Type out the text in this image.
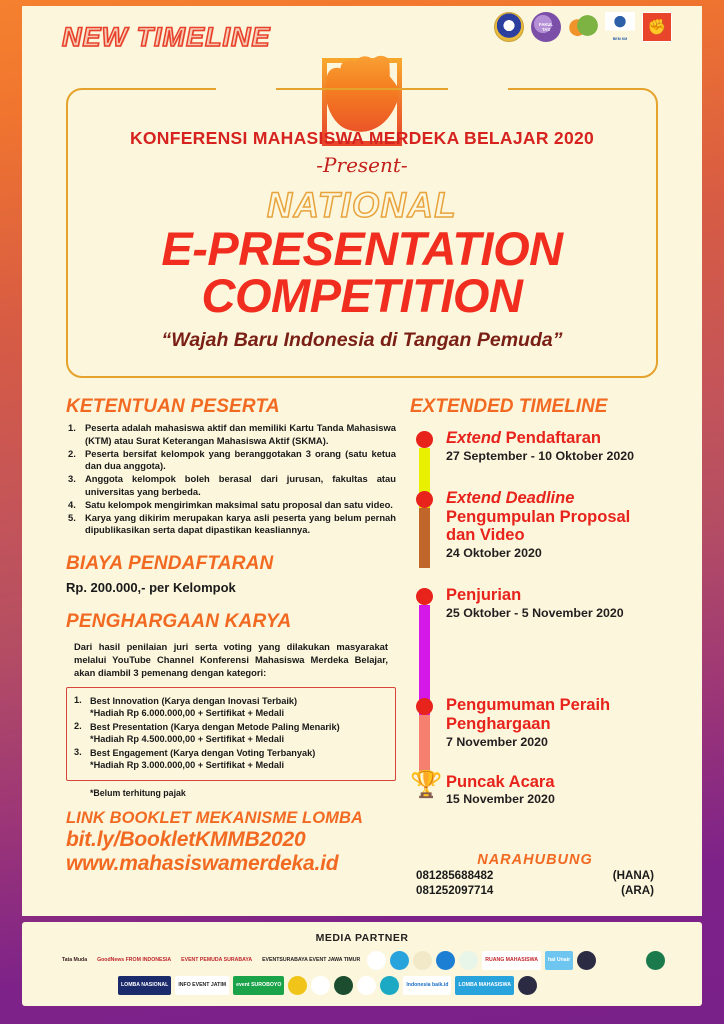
MEDIA PARTNER
Tata Muda	GoodNews FROM INDONESIA	EVENT PEMUDA SURABAYA	EVENTSURABAYA EVENT JAWA TIMUR	RUANG MAHASISWA	hai Unair
LOMBA NASIONAL	INFO EVENT JATIM	event SUROBOYO	Indonesia baik.id	LOMBA MAHASISWA
NEW TIMELINE
FAKUL TAS
BEM KM
✊
✊
KONFERENSI MAHASISWA MERDEKA BELAJAR 2020
-Present-
NATIONAL
E-PRESENTATION
COMPETITION
“Wajah Baru Indonesia di Tangan Pemuda”
KETENTUAN PESERTA
Peserta adalah mahasiswa aktif dan memiliki Kartu Tanda Mahasiswa (KTM) atau Surat Keterangan Mahasiswa Aktif (SKMA).
Peserta bersifat kelompok yang beranggotakan 3 orang (satu ketua dan dua anggota).
Anggota kelompok boleh berasal dari jurusan, fakultas atau universitas yang berbeda.
Satu kelompok mengirimkan maksimal satu proposal dan satu video.
Karya yang dikirim merupakan karya asli peserta yang belum pernah dipublikasikan serta dapat dipastikan keasliannya.
BIAYA PENDAFTARAN
Rp. 200.000,- per Kelompok
PENGHARGAAN KARYA
Dari hasil penilaian juri serta voting yang dilakukan masyarakat melalui YouTube Channel Konferensi Mahasiswa Merdeka Belajar, akan diambil 3 pemenang dengan kategori:
Best Innovation (Karya dengan Inovasi Terbaik)
*Hadiah Rp 6.000.000,00 + Sertifikat + Medali
Best Presentation (Karya dengan Metode Paling Menarik)
*Hadiah Rp 4.500.000,00 + Sertifikat + Medali
Best Engagement (Karya dengan Voting Terbanyak)
*Hadiah Rp 3.000.000,00 + Sertifikat + Medali
*Belum terhitung pajak
LINK BOOKLET MEKANISME LOMBA
bit.ly/BookletKMMB2020
www.mahasiswamerdeka.id
EXTENDED TIMELINE
Extend Pendaftaran
27 September - 10 Oktober 2020
Extend Deadline Pengumpulan Proposal dan Video
24 Oktober 2020
Penjurian
25 Oktober - 5 November 2020
Pengumuman Peraih Penghargaan
7 November 2020
🏆 Puncak Acara
15 November 2020
NARAHUBUNG
081285688482	(HANA)
081252097714	(ARA)
